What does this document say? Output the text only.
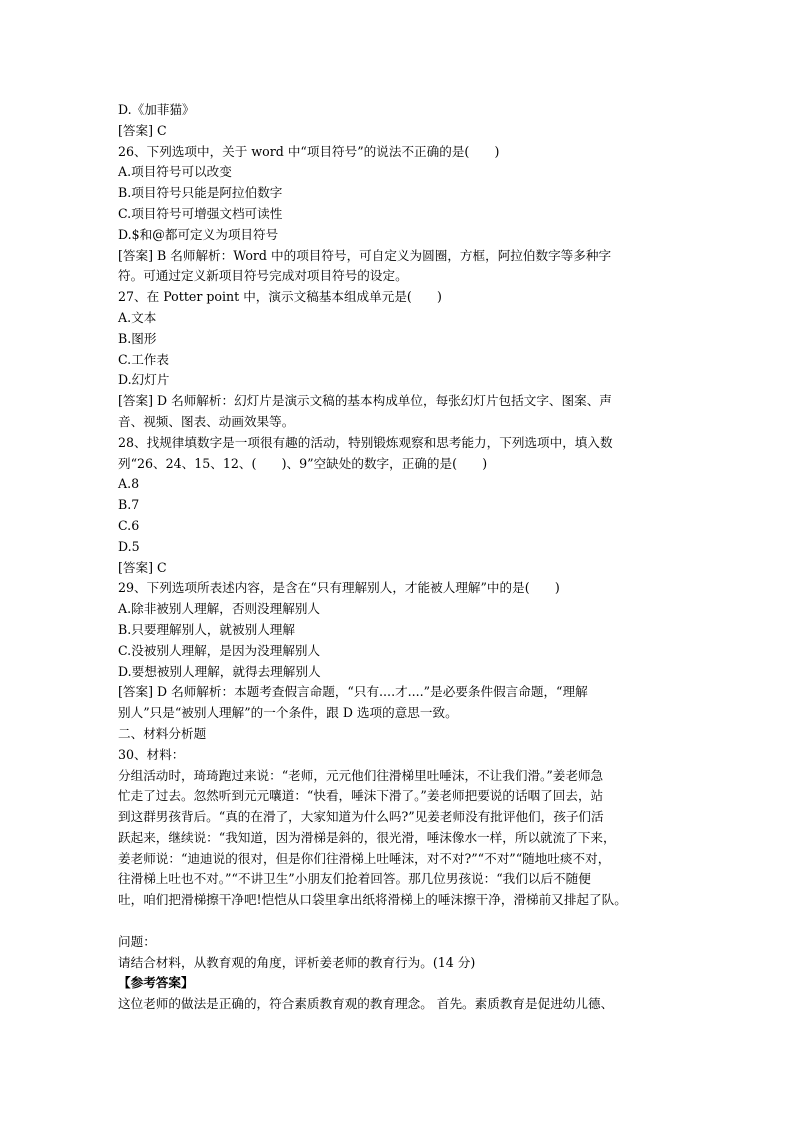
D.《加菲猫》
[答案] C
26、下列选项中，关于 word 中“项目符号”的说法不正确的是(　　)
A.项目符号可以改变
B.项目符号只能是阿拉伯数字
C.项目符号可增强文档可读性
D.$和@都可定义为项目符号
[答案] B 名师解析：Word 中的项目符号，可自定义为圆圈，方框，阿拉伯数字等多种字
符。可通过定义新项目符号完成对项目符号的设定。
27、在 Potter point 中，演示文稿基本组成单元是(　　)
A.文本
B.图形
C.工作表
D.幻灯片
[答案] D 名师解析：幻灯片是演示文稿的基本构成单位，每张幻灯片包括文字、图案、声
音、视频、图表、动画效果等。
28、找规律填数字是一项很有趣的活动，特别锻炼观察和思考能力，下列选项中，填入数
列“26、24、15、12、(　　)、9”空缺处的数字，正确的是(　　)
A.8
B.7
C.6
D.5
[答案] C
29、下列选项所表述内容，是含在“只有理解别人，才能被人理解”中的是(　　)
A.除非被别人理解，否则没理解别人
B.只要理解别人，就被别人理解
C.没被别人理解，是因为没理解别人
D.要想被别人理解，就得去理解别人
[答案] D 名师解析：本题考查假言命题，“只有....才....”是必要条件假言命题，“理解
别人”只是“被别人理解”的一个条件，跟 D 选项的意思一致。
二、材料分析题
30、材料：
分组活动时，琦琦跑过来说：“老师，元元他们往滑梯里吐唾沫，不让我们滑。”姜老师急
忙走了过去。忽然听到元元嚷道：“快看，唾沫下滑了。”姜老师把要说的话咽了回去，站
到这群男孩背后。“真的在滑了，大家知道为什么吗?”见姜老师没有批评他们，孩子们活
跃起来，继续说：“我知道，因为滑梯是斜的，很光滑，唾沫像水一样，所以就流了下来，
姜老师说：“迪迪说的很对，但是你们往滑梯上吐唾沫，对不对?”“不对”“随地吐痰不对，
往滑梯上吐也不对。”“不讲卫生”小朋友们抢着回答。那几位男孩说：“我们以后不随便
吐，咱们把滑梯擦干净吧!恺恺从口袋里拿出纸将滑梯上的唾沫擦干净，滑梯前又排起了队。
问题：
请结合材料，从教育观的角度，评析姜老师的教育行为。(14 分)
【参考答案】
这位老师的做法是正确的，符合素质教育观的教育理念。 首先。素质教育是促进幼儿德、
